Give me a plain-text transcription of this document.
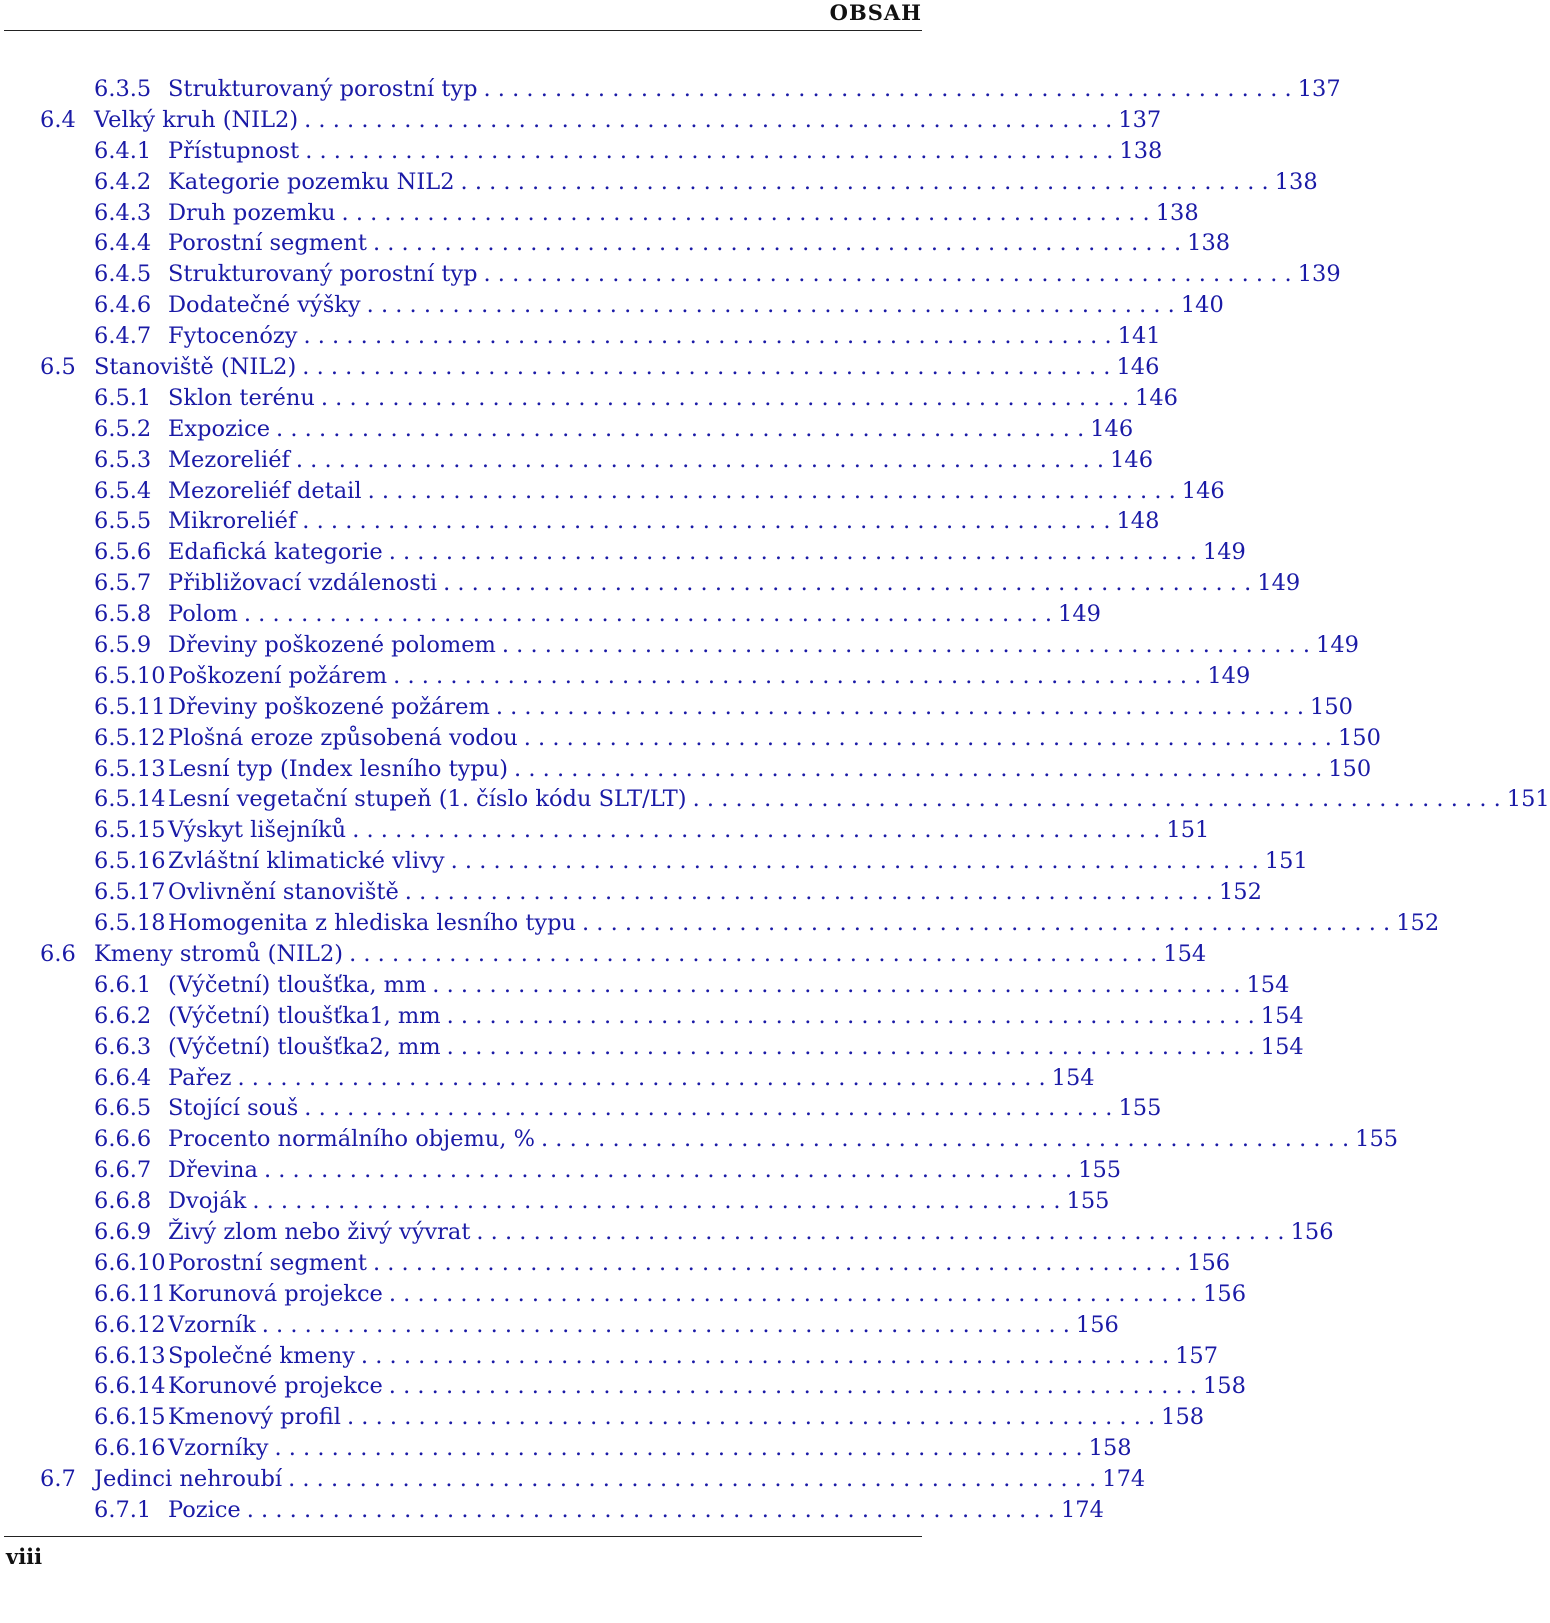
OBSAH
6.3.5 Strukturovaný porostní typ . . . . . . . . . . . . . . . . . . . . . . . . . . . . . . . . . . . . . . . . . . . . . . . . . . . . . . . . . 137
6.4 Velký kruh (NIL2) . . . . . . . . . . . . . . . . . . . . . . . . . . . . . . . . . . . . . . . . . . . . . . . . . . . . . . . . . 137
6.4.1 Přístupnost . . . . . . . . . . . . . . . . . . . . . . . . . . . . . . . . . . . . . . . . . . . . . . . . . . . . . . . . . 138
6.4.2 Kategorie pozemku NIL2 . . . . . . . . . . . . . . . . . . . . . . . . . . . . . . . . . . . . . . . . . . . . . . . . . . . . . . . . . 138
6.4.3 Druh pozemku . . . . . . . . . . . . . . . . . . . . . . . . . . . . . . . . . . . . . . . . . . . . . . . . . . . . . . . . . 138
6.4.4 Porostní segment . . . . . . . . . . . . . . . . . . . . . . . . . . . . . . . . . . . . . . . . . . . . . . . . . . . . . . . . . 138
6.4.5 Strukturovaný porostní typ . . . . . . . . . . . . . . . . . . . . . . . . . . . . . . . . . . . . . . . . . . . . . . . . . . . . . . . . . 139
6.4.6 Dodatečné výšky . . . . . . . . . . . . . . . . . . . . . . . . . . . . . . . . . . . . . . . . . . . . . . . . . . . . . . . . . 140
6.4.7 Fytocenózy . . . . . . . . . . . . . . . . . . . . . . . . . . . . . . . . . . . . . . . . . . . . . . . . . . . . . . . . . 141
6.5 Stanoviště (NIL2) . . . . . . . . . . . . . . . . . . . . . . . . . . . . . . . . . . . . . . . . . . . . . . . . . . . . . . . . . 146
6.5.1 Sklon terénu . . . . . . . . . . . . . . . . . . . . . . . . . . . . . . . . . . . . . . . . . . . . . . . . . . . . . . . . . 146
6.5.2 Expozice . . . . . . . . . . . . . . . . . . . . . . . . . . . . . . . . . . . . . . . . . . . . . . . . . . . . . . . . . 146
6.5.3 Mezoreliéf . . . . . . . . . . . . . . . . . . . . . . . . . . . . . . . . . . . . . . . . . . . . . . . . . . . . . . . . . 146
6.5.4 Mezoreliéf detail . . . . . . . . . . . . . . . . . . . . . . . . . . . . . . . . . . . . . . . . . . . . . . . . . . . . . . . . . 146
6.5.5 Mikroreliéf . . . . . . . . . . . . . . . . . . . . . . . . . . . . . . . . . . . . . . . . . . . . . . . . . . . . . . . . . 148
6.5.6 Edafická kategorie . . . . . . . . . . . . . . . . . . . . . . . . . . . . . . . . . . . . . . . . . . . . . . . . . . . . . . . . . 149
6.5.7 Přibližovací vzdálenosti . . . . . . . . . . . . . . . . . . . . . . . . . . . . . . . . . . . . . . . . . . . . . . . . . . . . . . . . . 149
6.5.8 Polom . . . . . . . . . . . . . . . . . . . . . . . . . . . . . . . . . . . . . . . . . . . . . . . . . . . . . . . . . 149
6.5.9 Dřeviny poškozené polomem . . . . . . . . . . . . . . . . . . . . . . . . . . . . . . . . . . . . . . . . . . . . . . . . . . . . . . . . . 149
6.5.10 Poškození požárem . . . . . . . . . . . . . . . . . . . . . . . . . . . . . . . . . . . . . . . . . . . . . . . . . . . . . . . . . 149
6.5.11 Dřeviny poškozené požárem . . . . . . . . . . . . . . . . . . . . . . . . . . . . . . . . . . . . . . . . . . . . . . . . . . . . . . . . . 150
6.5.12 Plošná eroze způsobená vodou . . . . . . . . . . . . . . . . . . . . . . . . . . . . . . . . . . . . . . . . . . . . . . . . . . . . . . . . . 150
6.5.13 Lesní typ (Index lesního typu) . . . . . . . . . . . . . . . . . . . . . . . . . . . . . . . . . . . . . . . . . . . . . . . . . . . . . . . . . 150
6.5.14 Lesní vegetační stupeň (1. číslo kódu SLT/LT) . . . . . . . . . . . . . . . . . . . . . . . . . . . . . . . . . . . . . . . . . . . . . . . . . . . . . . . . . 151
6.5.15 Výskyt lišejníků . . . . . . . . . . . . . . . . . . . . . . . . . . . . . . . . . . . . . . . . . . . . . . . . . . . . . . . . . 151
6.5.16 Zvláštní klimatické vlivy . . . . . . . . . . . . . . . . . . . . . . . . . . . . . . . . . . . . . . . . . . . . . . . . . . . . . . . . . 151
6.5.17 Ovlivnění stanoviště . . . . . . . . . . . . . . . . . . . . . . . . . . . . . . . . . . . . . . . . . . . . . . . . . . . . . . . . . 152
6.5.18 Homogenita z hlediska lesního typu . . . . . . . . . . . . . . . . . . . . . . . . . . . . . . . . . . . . . . . . . . . . . . . . . . . . . . . . . 152
6.6 Kmeny stromů (NIL2) . . . . . . . . . . . . . . . . . . . . . . . . . . . . . . . . . . . . . . . . . . . . . . . . . . . . . . . . . 154
6.6.1 (Výčetní) tloušťka, mm . . . . . . . . . . . . . . . . . . . . . . . . . . . . . . . . . . . . . . . . . . . . . . . . . . . . . . . . . 154
6.6.2 (Výčetní) tloušťka1, mm . . . . . . . . . . . . . . . . . . . . . . . . . . . . . . . . . . . . . . . . . . . . . . . . . . . . . . . . . 154
6.6.3 (Výčetní) tloušťka2, mm . . . . . . . . . . . . . . . . . . . . . . . . . . . . . . . . . . . . . . . . . . . . . . . . . . . . . . . . . 154
6.6.4 Pařez . . . . . . . . . . . . . . . . . . . . . . . . . . . . . . . . . . . . . . . . . . . . . . . . . . . . . . . . . 154
6.6.5 Stojící souš . . . . . . . . . . . . . . . . . . . . . . . . . . . . . . . . . . . . . . . . . . . . . . . . . . . . . . . . . 155
6.6.6 Procento normálního objemu, % . . . . . . . . . . . . . . . . . . . . . . . . . . . . . . . . . . . . . . . . . . . . . . . . . . . . . . . . . 155
6.6.7 Dřevina . . . . . . . . . . . . . . . . . . . . . . . . . . . . . . . . . . . . . . . . . . . . . . . . . . . . . . . . . 155
6.6.8 Dvoják . . . . . . . . . . . . . . . . . . . . . . . . . . . . . . . . . . . . . . . . . . . . . . . . . . . . . . . . . 155
6.6.9 Živý zlom nebo živý vývrat . . . . . . . . . . . . . . . . . . . . . . . . . . . . . . . . . . . . . . . . . . . . . . . . . . . . . . . . . 156
6.6.10 Porostní segment . . . . . . . . . . . . . . . . . . . . . . . . . . . . . . . . . . . . . . . . . . . . . . . . . . . . . . . . . 156
6.6.11 Korunová projekce . . . . . . . . . . . . . . . . . . . . . . . . . . . . . . . . . . . . . . . . . . . . . . . . . . . . . . . . . 156
6.6.12 Vzorník . . . . . . . . . . . . . . . . . . . . . . . . . . . . . . . . . . . . . . . . . . . . . . . . . . . . . . . . . 156
6.6.13 Společné kmeny . . . . . . . . . . . . . . . . . . . . . . . . . . . . . . . . . . . . . . . . . . . . . . . . . . . . . . . . . 157
6.6.14 Korunové projekce . . . . . . . . . . . . . . . . . . . . . . . . . . . . . . . . . . . . . . . . . . . . . . . . . . . . . . . . . 158
6.6.15 Kmenový profil . . . . . . . . . . . . . . . . . . . . . . . . . . . . . . . . . . . . . . . . . . . . . . . . . . . . . . . . . 158
6.6.16 Vzorníky . . . . . . . . . . . . . . . . . . . . . . . . . . . . . . . . . . . . . . . . . . . . . . . . . . . . . . . . . 158
6.7 Jedinci nehroubí . . . . . . . . . . . . . . . . . . . . . . . . . . . . . . . . . . . . . . . . . . . . . . . . . . . . . . . . . 174
6.7.1 Pozice . . . . . . . . . . . . . . . . . . . . . . . . . . . . . . . . . . . . . . . . . . . . . . . . . . . . . . . . . 174
viii
